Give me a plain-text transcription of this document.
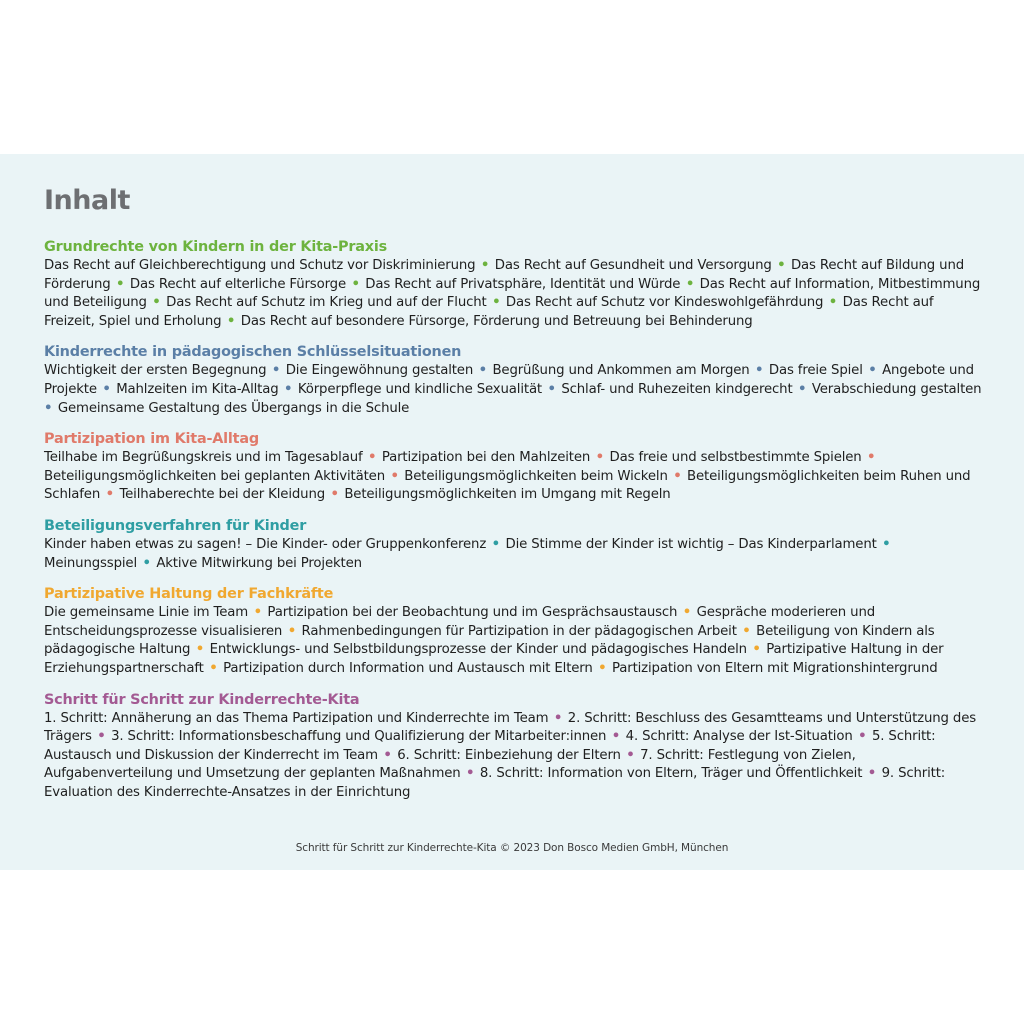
Inhalt
Grundrechte von Kindern in der Kita-Praxis

Das Recht auf Gleichberechtigung und Schutz vor Diskriminierung • Das Recht auf Gesundheit und Versorgung • Das Recht auf Bildung und Förderung • Das Recht auf elterliche Fürsorge • Das Recht auf Privatsphäre, Identität und Würde • Das Recht auf Information, Mitbestimmung und Beteiligung • Das Recht auf Schutz im Krieg und auf der Flucht • Das Recht auf Schutz vor Kindeswohlgefährdung • Das Recht auf Freizeit, Spiel und Erholung • Das Recht auf besondere Fürsorge, Förderung und Betreuung bei Behinderung

Kinderrechte in pädagogischen Schlüsselsituationen

Wichtigkeit der ersten Begegnung • Die Eingewöhnung gestalten • Begrüßung und Ankommen am Morgen • Das freie Spiel • Angebote und Projekte • Mahlzeiten im Kita-Alltag • Körperpflege und kindliche Sexualität • Schlaf- und Ruhezeiten kindgerecht • Verabschiedung gestalten • Gemeinsame Gestaltung des Übergangs in die Schule

Partizipation im Kita-Alltag

Teilhabe im Begrüßungskreis und im Tagesablauf • Partizipation bei den Mahlzeiten • Das freie und selbstbestimmte Spielen • Beteiligungsmöglichkeiten bei geplanten Aktivitäten • Beteiligungsmöglichkeiten beim Wickeln • Beteiligungsmöglichkeiten beim Ruhen und Schlafen • Teilhaberechte bei der Kleidung • Beteiligungsmöglichkeiten im Umgang mit Regeln

Beteiligungsverfahren für Kinder

Kinder haben etwas zu sagen! – Die Kinder- oder Gruppenkonferenz • Die Stimme der Kinder ist wichtig – Das Kinderparlament • Meinungsspiel • Aktive Mitwirkung bei Projekten

Partizipative Haltung der Fachkräfte

Die gemeinsame Linie im Team • Partizipation bei der Beobachtung und im Gesprächsaustausch • Gespräche moderieren und Entscheidungsprozesse visualisieren • Rahmenbedingungen für Partizipation in der pädagogischen Arbeit • Beteiligung von Kindern als pädagogische Haltung • Entwicklungs- und Selbstbildungsprozesse der Kinder und pädagogisches Handeln • Partizipative Haltung in der Erziehungspartnerschaft • Partizipation durch Information und Austausch mit Eltern • Partizipation von Eltern mit Migrationshintergrund

Schritt für Schritt zur Kinderrechte-Kita

1. Schritt: Annäherung an das Thema Partizipation und Kinderrechte im Team • 2. Schritt: Beschluss des Gesamtteams und Unterstützung des Trägers • 3. Schritt: Informationsbeschaffung und Qualifizierung der Mitarbeiter:innen • 4. Schritt: Analyse der Ist-Situation • 5. Schritt: Austausch und Diskussion der Kinderrecht im Team • 6. Schritt: Einbeziehung der Eltern • 7. Schritt: Festlegung von Zielen, Aufgabenverteilung und Umsetzung der geplanten Maßnahmen • 8. Schritt: Information von Eltern, Träger und Öffentlichkeit • 9. Schritt: Evaluation des Kinderrechte-Ansatzes in der Einrichtung

Schritt für Schritt zur Kinderrechte-Kita © 2023 Don Bosco Medien GmbH, München
